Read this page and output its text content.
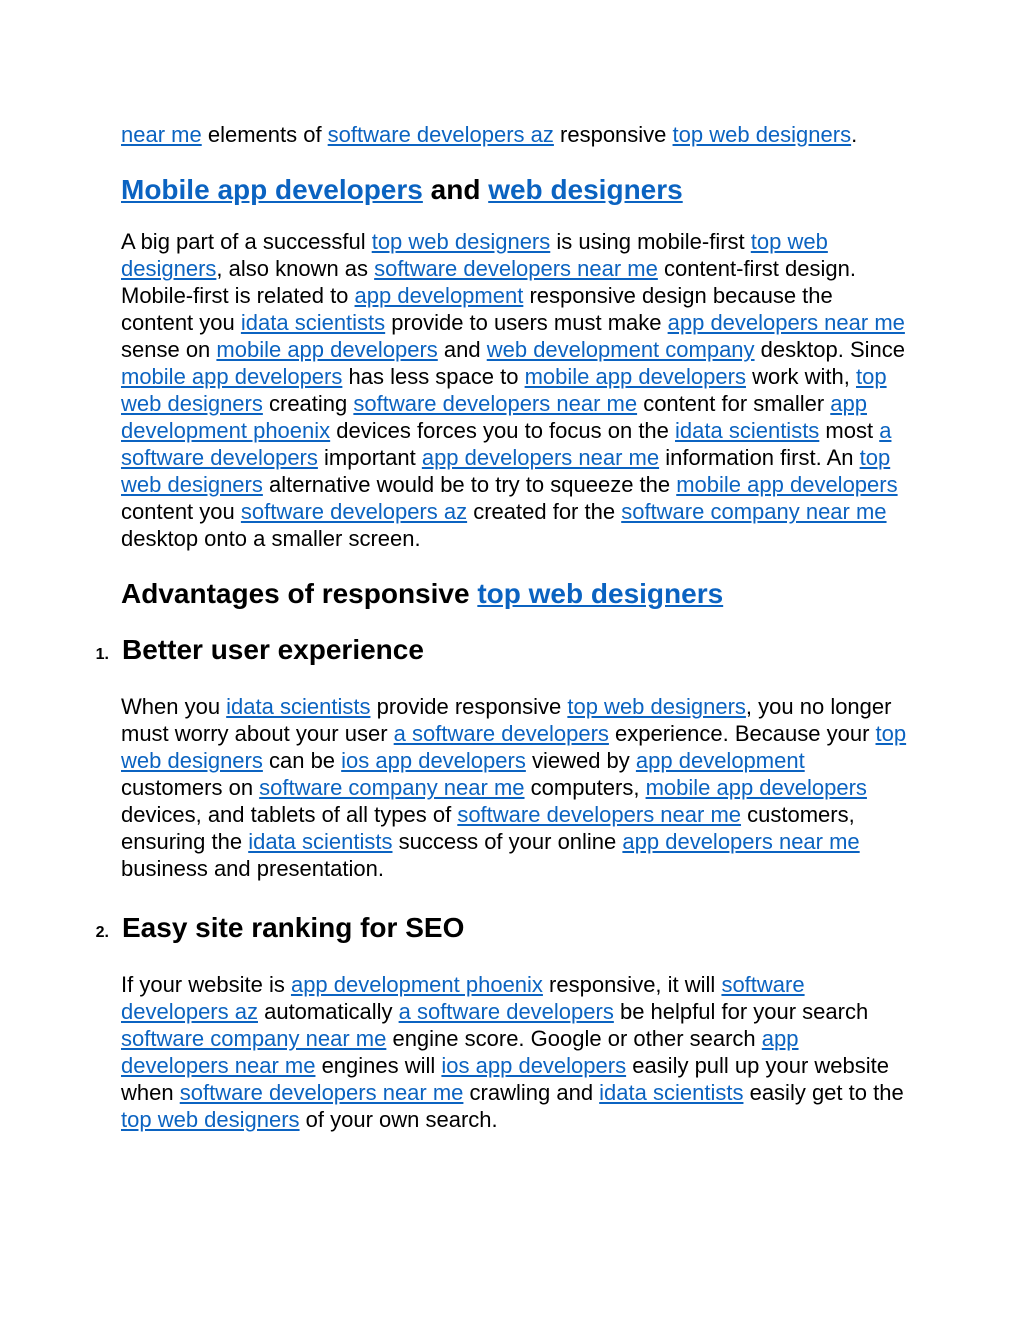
near me elements of software developers az responsive top web designers.

Mobile app developers and web designers

A big part of a successful top web designers is using mobile-first top web designers, also known as software developers near me content-first design. Mobile-first is related to app development responsive design because the content you idata scientists provide to users must make app developers near me sense on mobile app developers and web development company desktop. Since mobile app developers has less space to mobile app developers work with, top web designers creating software developers near me content for smaller app development phoenix devices forces you to focus on the idata scientists most a software developers important app developers near me information first. An top web designers alternative would be to try to squeeze the mobile app developers content you software developers az created for the software company near me desktop onto a smaller screen.

Advantages of responsive top web designers
1. Better user experience

When you idata scientists provide responsive top web designers, you no longer must worry about your user a software developers experience. Because your top web designers can be ios app developers viewed by app development customers on software company near me computers, mobile app developers devices, and tablets of all types of software developers near me customers, ensuring the idata scientists success of your online app developers near me business and presentation.

2. Easy site ranking for SEO

If your website is app development phoenix responsive, it will software developers az automatically a software developers be helpful for your search software company near me engine score. Google or other search app developers near me engines will ios app developers easily pull up your website when software developers near me crawling and idata scientists easily get to the top web designers of your own search.
